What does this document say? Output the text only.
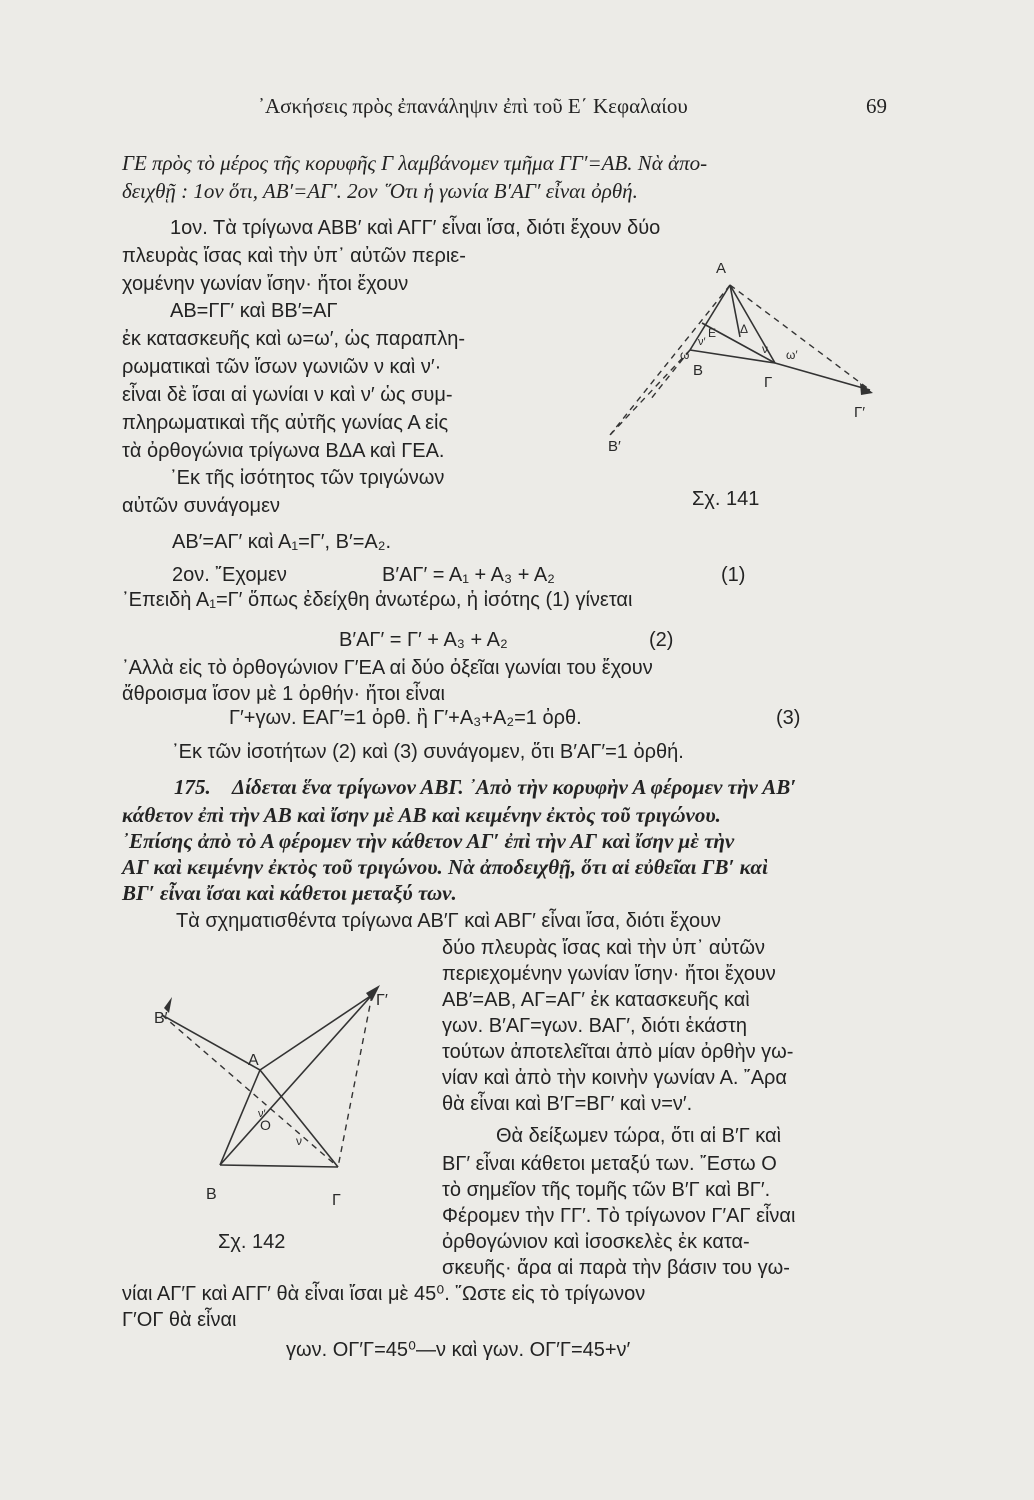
᾿Ασκήσεις πρὸς ἐπανάληψιν ἐπὶ τοῦ Ε΄ Κεφαλαίου	69
ΓΕ πρὸς τὸ μέρος τῆς κορυφῆς Γ λαμβάνομεν τμῆμα ΓΓ′=ΑΒ. Νὰ ἀπο-
δειχθῇ : 1ον ὅτι, ΑΒ′=ΑΓ′. 2ον ῞Οτι ἡ γωνία Β′ΑΓ′ εἶναι ὀρθή.
1ον. Τὰ τρίγωνα ΑΒΒ′ καὶ ΑΓΓ′ εἶναι ἴσα, διότι ἔχουν δύο
πλευρὰς ἴσας καὶ τὴν ὑπ᾿ αὐτῶν περιε-
χομένην γωνίαν ἴσην· ἤτοι ἔχουν
ΑΒ=ΓΓ′ καὶ ΒΒ′=ΑΓ
ἐκ κατασκευῆς καὶ ω=ω′, ὡς παραπλη-
ρωματικαὶ τῶν ἴσων γωνιῶν ν καὶ ν′·
εἶναι δὲ ἴσαι αἱ γωνίαι ν καὶ ν′ ὡς συμ-
πληρωματικαὶ τῆς αὐτῆς γωνίας Α εἰς
τὰ ὀρθογώνια τρίγωνα ΒΔΑ καὶ ΓΕΑ.
᾿Εκ τῆς ἰσότητος τῶν τριγώνων
αὐτῶν συνάγομεν
ΑΒ′=ΑΓ′ καὶ Α₁=Γ′, Β′=Α₂.
Α
Β
Γ
Γ′
Β′
Ε Δ
ω	ω′
ν
ν′
Σχ. 141
2ον. ῎Εχομεν	Β′ΑΓ′ = Α₁ + Α₃ + Α₂	(1)
᾿Επειδὴ Α₁=Γ′ ὅπως ἐδείχθη ἀνωτέρω, ἡ ἰσότης (1) γίνεται
Β′ΑΓ′ = Γ′ + Α₃ + Α₂	(2)
᾿Αλλὰ εἰς τὸ ὀρθογώνιον Γ′ΕΑ αἱ δύο ὀξεῖαι γωνίαι του ἔχουν
ἄθροισμα ἴσον μὲ 1 ὀρθήν· ἤτοι εἶναι
Γ′+γων. ΕΑΓ′=1 ὀρθ. ἢ Γ′+Α₃+Α₂=1 ὀρθ.	(3)
᾿Εκ τῶν ἰσοτήτων (2) καὶ (3) συνάγομεν, ὅτι Β′ΑΓ′=1 ὀρθή.
175. Δίδεται ἕνα τρίγωνον ΑΒΓ. ᾿Απὸ τὴν κορυφὴν Α φέρομεν τὴν ΑΒ′
κάθετον ἐπὶ τὴν ΑΒ καὶ ἴσην μὲ ΑΒ καὶ κειμένην ἐκτὸς τοῦ τριγώνου.
᾿Επίσης ἀπὸ τὸ Α φέρομεν τὴν κάθετον ΑΓ′ ἐπὶ τὴν ΑΓ καὶ ἴσην μὲ τὴν
ΑΓ καὶ κειμένην ἐκτὸς τοῦ τριγώνου. Νὰ ἀποδειχθῇ, ὅτι αἱ εὐθεῖαι ΓΒ′ καὶ
ΒΓ′ εἶναι ἴσαι καὶ κάθετοι μεταξύ των.
Τὰ σχηματισθέντα τρίγωνα ΑΒ′Γ καὶ ΑΒΓ′ εἶναι ἴσα, διότι ἔχουν
δύο πλευρὰς ἴσας καὶ τὴν ὑπ᾿ αὐτῶν
περιεχομένην γωνίαν ἴσην· ἤτοι ἔχουν
ΑΒ′=ΑΒ, ΑΓ=ΑΓ′ ἐκ κατασκευῆς καὶ
γων. Β′ΑΓ=γων. ΒΑΓ′, διότι ἑκάστη
τούτων ἀποτελεῖται ἀπὸ μίαν ὀρθὴν γω-
νίαν καὶ ἀπὸ τὴν κοινὴν γωνίαν Α. ῎Αρα
θὰ εἶναι καὶ Β′Γ=ΒΓ′ καὶ ν=ν′.
Θὰ δείξωμεν τώρα, ὅτι αἱ Β′Γ καὶ
ΒΓ′ εἶναι κάθετοι μεταξύ των. ῎Εστω Ο
τὸ σημεῖον τῆς τομῆς τῶν Β′Γ καὶ ΒΓ′.
Φέρομεν τὴν ΓΓ′. Τὸ τρίγωνον Γ′ΑΓ εἶναι
ὀρθογώνιον καὶ ἰσοσκελὲς ἐκ κατα-
σκευῆς· ἄρα αἱ παρὰ τὴν βάσιν του γω-
νίαι ΑΓ′Γ καὶ ΑΓΓ′ θὰ εἶναι ἴσαι μὲ 45⁰. ῞Ωστε εἰς τὸ τρίγωνον
Γ′ΟΓ θὰ εἶναι
γων. ΟΓ′Γ=45⁰—ν καὶ γων. ΟΓ′Γ=45+ν′
Β′
Γ′
Α
Ο
Β	Γ
ν
ν′
Σχ. 142
